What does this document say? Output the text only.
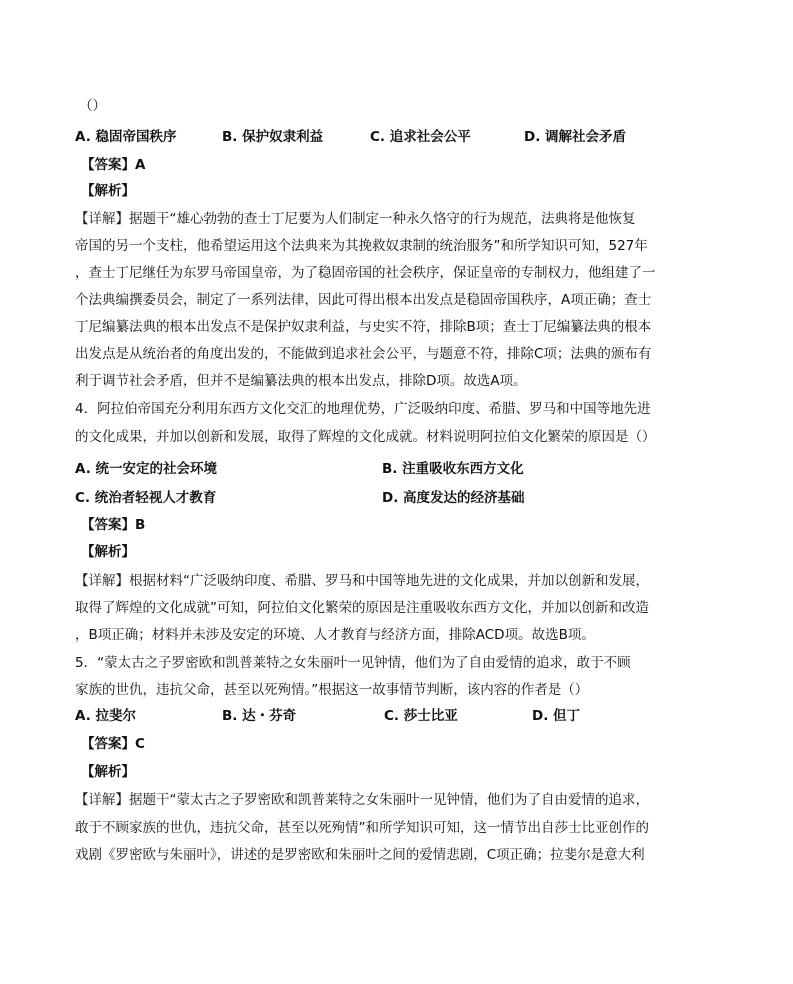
（）
A. 稳固帝国秩序	B. 保护奴隶利益	C. 追求社会公平	D. 调解社会矛盾
【答案】A
【解析】
【详解】据题干“雄心勃勃的查士丁尼要为人们制定一种永久恪守的行为规范，法典将是他恢复
帝国的另一个支柱，他希望运用这个法典来为其挽救奴隶制的统治服务”和所学知识可知，527年
，查士丁尼继任为东罗马帝国皇帝，为了稳固帝国的社会秩序，保证皇帝的专制权力，他组建了一
个法典编撰委员会，制定了一系列法律，因此可得出根本出发点是稳固帝国秩序，A项正确；查士
丁尼编纂法典的根本出发点不是保护奴隶利益，与史实不符，排除B项；查士丁尼编纂法典的根本
出发点是从统治者的角度出发的，不能做到追求社会公平，与题意不符，排除C项；法典的颁布有
利于调节社会矛盾，但并不是编纂法典的根本出发点，排除D项。故选A项。
4．阿拉伯帝国充分利用东西方文化交汇的地理优势，广泛吸纳印度、希腊、罗马和中国等地先进
的文化成果，并加以创新和发展，取得了辉煌的文化成就。材料说明阿拉伯文化繁荣的原因是（）
A. 统一安定的社会环境	B. 注重吸收东西方文化
C. 统治者轻视人才教育	D. 高度发达的经济基础
【答案】B
【解析】
【详解】根据材料“广泛吸纳印度、希腊、罗马和中国等地先进的文化成果，并加以创新和发展，
取得了辉煌的文化成就”可知，阿拉伯文化繁荣的原因是注重吸收东西方文化，并加以创新和改造
，B项正确；材料并未涉及安定的环境、人才教育与经济方面，排除ACD项。故选B项。
5．“蒙太古之子罗密欧和凯普莱特之女朱丽叶一见钟情，他们为了自由爱情的追求，敢于不顾
家族的世仇，违抗父命，甚至以死殉情。”根据这一故事情节判断，该内容的作者是（）
A. 拉斐尔	B. 达・芬奇	C. 莎士比亚	D. 但丁
【答案】C
【解析】
【详解】据题干“蒙太古之子罗密欧和凯普莱特之女朱丽叶一见钟情，他们为了自由爱情的追求，
敢于不顾家族的世仇，违抗父命，甚至以死殉情”和所学知识可知，这一情节出自莎士比亚创作的
戏剧《罗密欧与朱丽叶》，讲述的是罗密欧和朱丽叶之间的爱情悲剧，C项正确；拉斐尔是意大利
